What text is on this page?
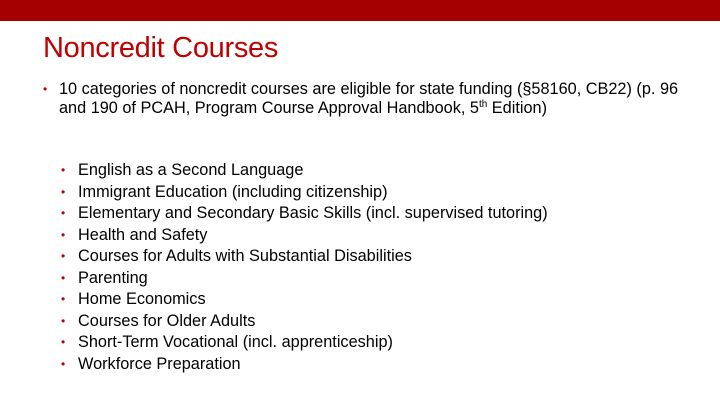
Noncredit Courses
• 10 categories of noncredit courses are eligible for state funding (§58160, CB22) (p. 96 and 190 of PCAH, Program Course Approval Handbook, 5th Edition)
• English as a Second Language
• Immigrant Education (including citizenship)
• Elementary and Secondary Basic Skills (incl. supervised tutoring)
• Health and Safety
• Courses for Adults with Substantial Disabilities
• Parenting
• Home Economics
• Courses for Older Adults
• Short-Term Vocational (incl. apprenticeship)
• Workforce Preparation
